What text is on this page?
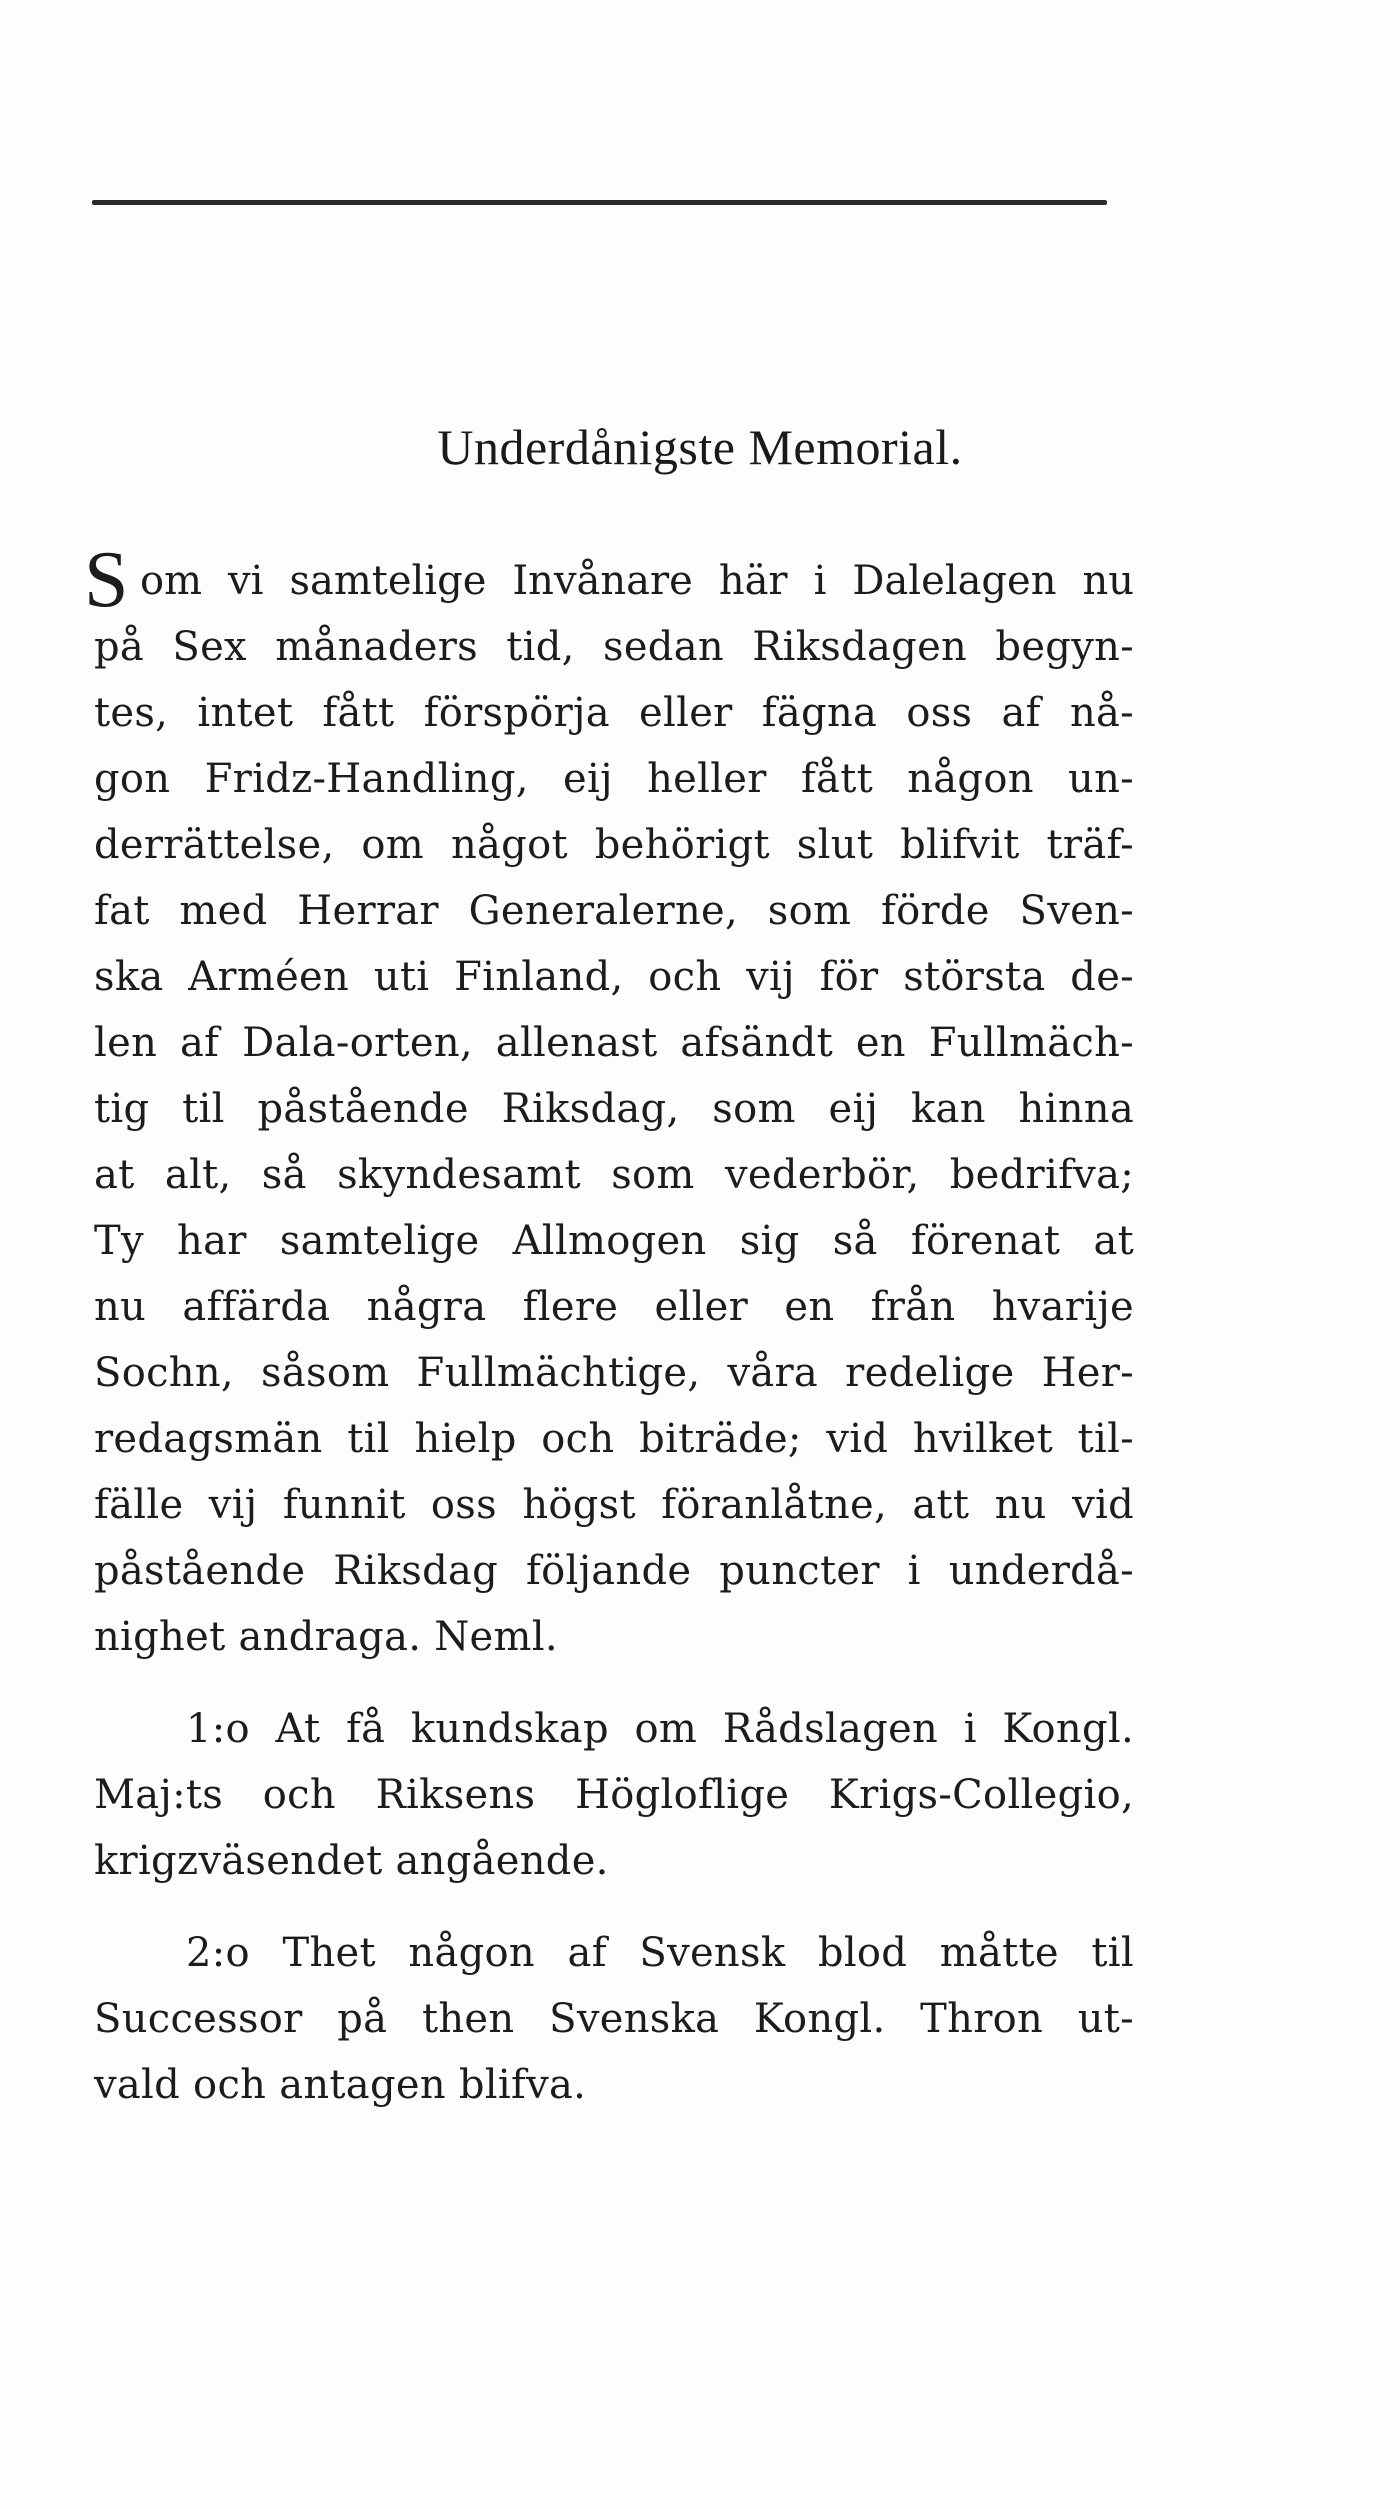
Underdånigste Memorial.
S om vi samtelige Invånare här i Dalelagen nu
på Sex månaders tid, sedan Riksdagen begyn-
tes, intet fått förspörja eller fägna oss af nå-
gon Fridz-Handling, eij heller fått någon un-
derrättelse, om något behörigt slut blifvit träf-
fat med Herrar Generalerne, som förde Sven-
ska Arméen uti Finland, och vij för största de-
len af Dala-orten, allenast afsändt en Fullmäch-
tig til påstående Riksdag, som eij kan hinna
at alt, så skyndesamt som vederbör, bedrifva;
Ty har samtelige Allmogen sig så förenat at
nu affärda några flere eller en från hvarije
Sochn, såsom Fullmächtige, våra redelige Her-
redagsmän til hielp och biträde; vid hvilket til-
fälle vij funnit oss högst föranlåtne, att nu vid
påstående Riksdag följande puncter i underdå-
nighet andraga. Neml.
1:o At få kundskap om Rådslagen i Kongl.
Maj:ts och Riksens Högloflige Krigs-Collegio,
krigzväsendet angående.
2:o Thet någon af Svensk blod måtte til
Successor på then Svenska Kongl. Thron ut-
vald och antagen blifva.
